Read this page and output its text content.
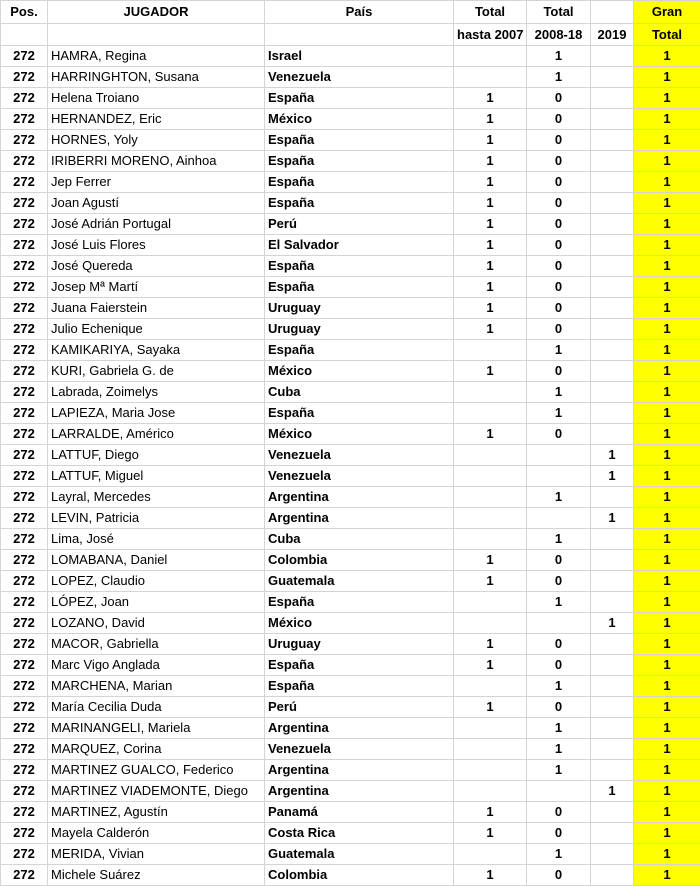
Pos.	JUGADOR	País	Total	Total		Gran
			hasta 2007	2008-18	2019	Total
272	HAMRA, Regina	Israel		1		1
272	HARRINGHTON, Susana	Venezuela		1		1
272	Helena Troiano	España	1	0		1
272	HERNANDEZ, Eric	México	1	0		1
272	HORNES, Yoly	España	1	0		1
272	IRIBERRI MORENO, Ainhoa	España	1	0		1
272	Jep Ferrer	España	1	0		1
272	Joan Agustí	España	1	0		1
272	José Adrián Portugal	Perú	1	0		1
272	José Luis Flores	El Salvador	1	0		1
272	José Quereda	España	1	0		1
272	Josep Mª Martí	España	1	0		1
272	Juana Faierstein	Uruguay	1	0		1
272	Julio Echenique	Uruguay	1	0		1
272	KAMIKARIYA, Sayaka	España		1		1
272	KURI, Gabriela G. de	México	1	0		1
272	Labrada, Zoimelys	Cuba		1		1
272	LAPIEZA, Maria Jose	España		1		1
272	LARRALDE, Américo	México	1	0		1
272	LATTUF, Diego	Venezuela			1	1
272	LATTUF, Miguel	Venezuela			1	1
272	Layral, Mercedes	Argentina		1		1
272	LEVIN, Patricia	Argentina			1	1
272	Lima, José	Cuba		1		1
272	LOMABANA, Daniel	Colombia	1	0		1
272	LOPEZ, Claudio	Guatemala	1	0		1
272	LÓPEZ, Joan	España		1		1
272	LOZANO, David	México			1	1
272	MACOR, Gabriella	Uruguay	1	0		1
272	Marc Vigo Anglada	España	1	0		1
272	MARCHENA, Marian	España		1		1
272	María Cecilia Duda	Perú	1	0		1
272	MARINANGELI, Mariela	Argentina		1		1
272	MARQUEZ, Corina	Venezuela		1		1
272	MARTINEZ GUALCO, Federico	Argentina		1		1
272	MARTINEZ VIADEMONTE, Diego	Argentina			1	1
272	MARTINEZ, Agustín	Panamá	1	0		1
272	Mayela Calderón	Costa Rica	1	0		1
272	MERIDA, Vivian	Guatemala		1		1
272	Michele Suárez	Colombia	1	0		1
